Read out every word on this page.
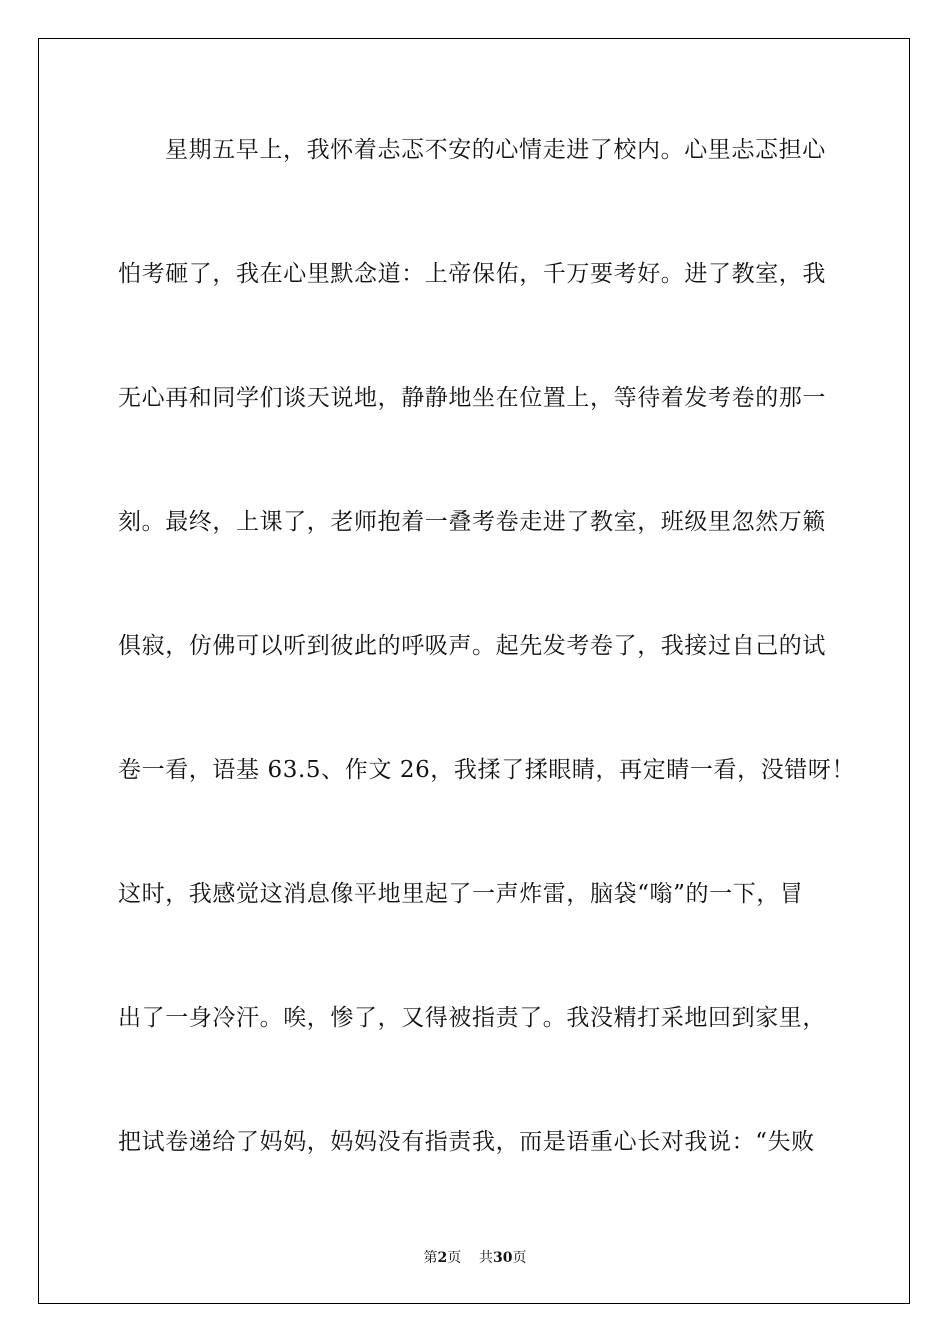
星期五早上，我怀着忐忑不安的心情走进了校内。心里忐忑担心
怕考砸了，我在心里默念道：上帝保佑，千万要考好。进了教室，我
无心再和同学们谈天说地，静静地坐在位置上，等待着发考卷的那一
刻。最终，上课了，老师抱着一叠考卷走进了教室，班级里忽然万籁
俱寂，仿佛可以听到彼此的呼吸声。起先发考卷了，我接过自己的试
卷一看，语基 63.5、作文 26，我揉了揉眼睛，再定睛一看，没错呀！
这时，我感觉这消息像平地里起了一声炸雷，脑袋“嗡”的一下，冒
出了一身冷汗。唉，惨了，又得被指责了。我没精打采地回到家里，
把试卷递给了妈妈，妈妈没有指责我，而是语重心长对我说：“失败
第2页 共30页
